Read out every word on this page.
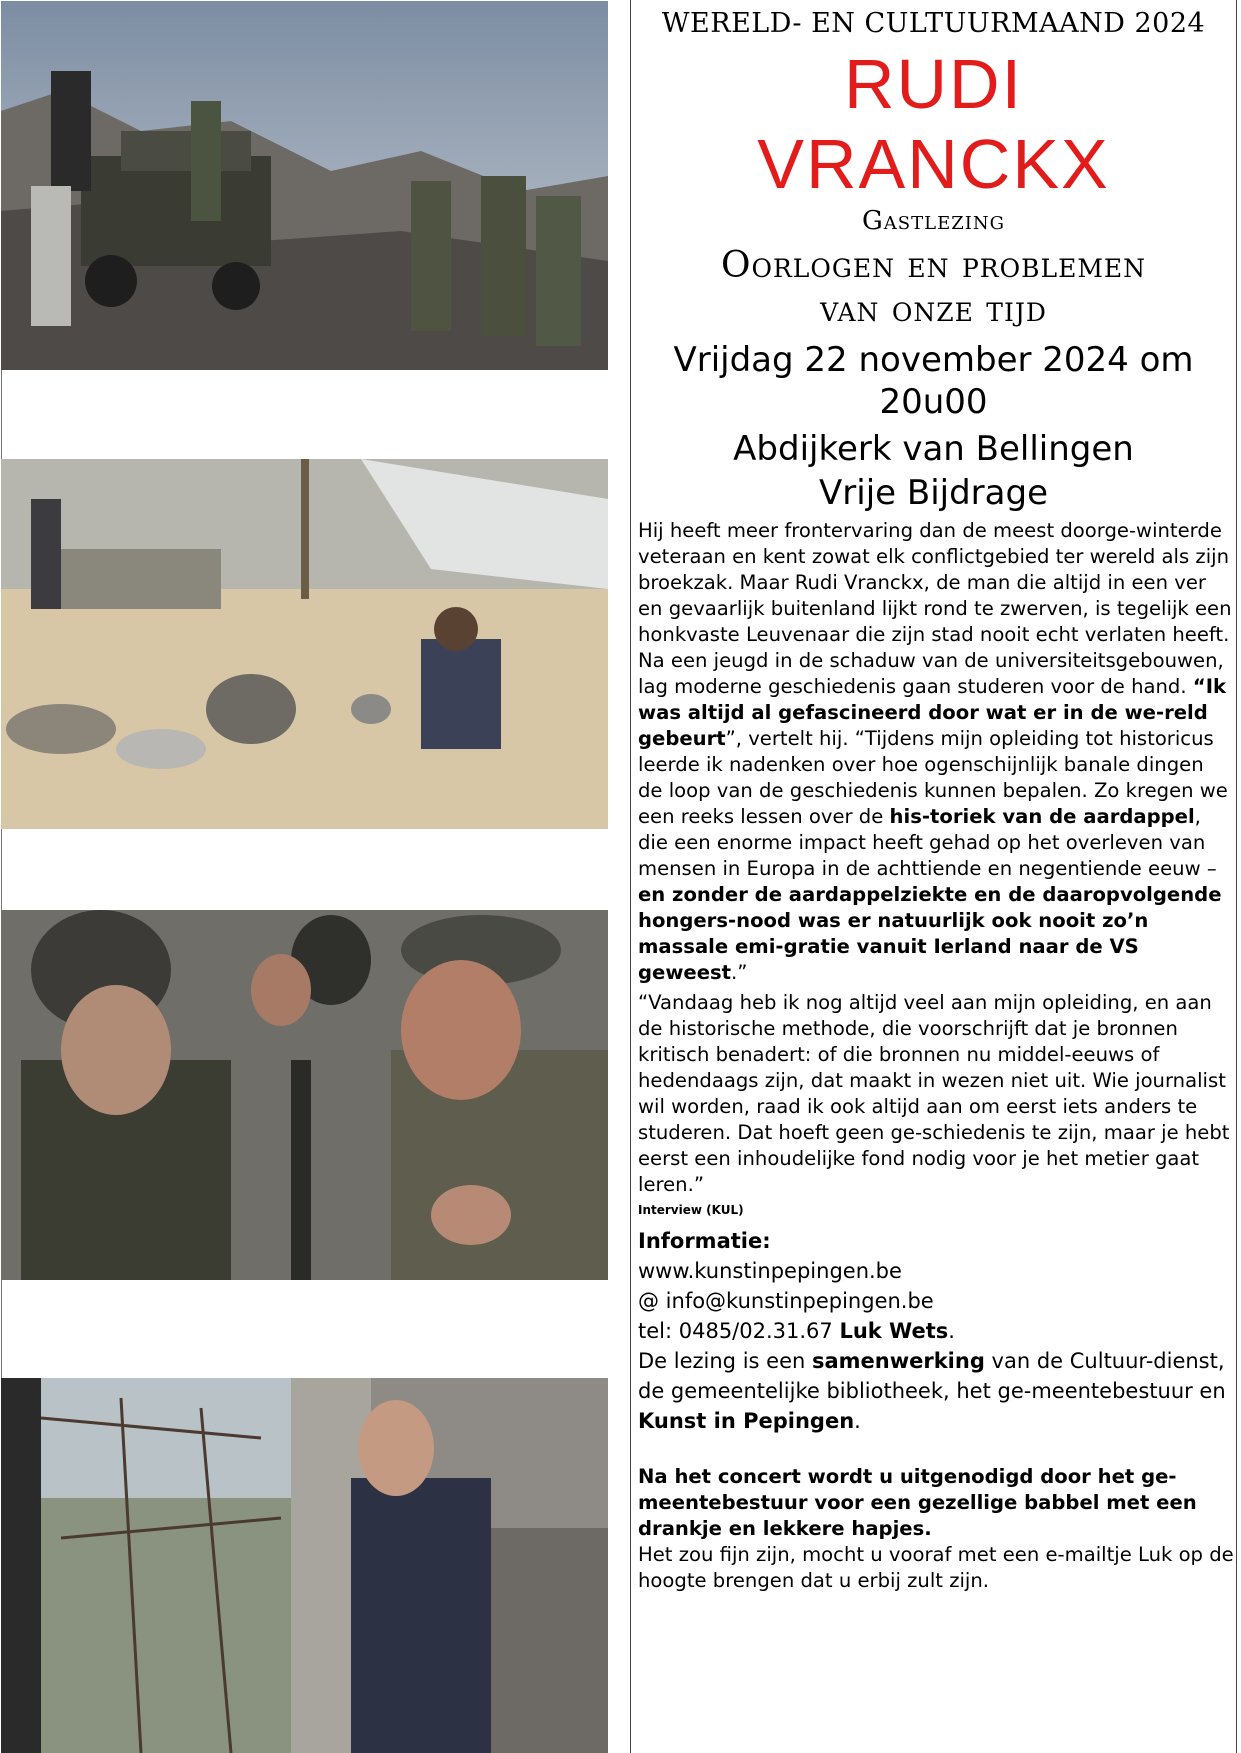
WERELD- EN CULTUURMAAND 2024
RUDI
VRANCKX
Gastlezing
Oorlogen en problemen
van onze tijd
Vrijdag 22 november 2024 om
20u00
Abdijkerk van Bellingen
Vrije Bijdrage

Hij heeft meer frontervaring dan de meest doorge-winterde veteraan en kent zowat elk conflictgebied ter wereld als zijn broekzak. Maar Rudi Vranckx, de man die altijd in een ver en gevaarlijk buitenland lijkt rond te zwerven, is tegelijk een honkvaste Leuvenaar die zijn stad nooit echt verlaten heeft. Na een jeugd in de schaduw van de universiteitsgebouwen, lag moderne geschiedenis gaan studeren voor de hand. “Ik was altijd al gefascineerd door wat er in de we-reld gebeurt”, vertelt hij. “Tijdens mijn opleiding tot historicus leerde ik nadenken over hoe ogenschijnlijk banale dingen de loop van de geschiedenis kunnen bepalen. Zo kregen we een reeks lessen over de his-toriek van de aardappel, die een enorme impact heeft gehad op het overleven van mensen in Europa in de achttiende en negentiende eeuw – en zonder de aardappelziekte en de daaropvolgende hongers-nood was er natuurlijk ook nooit zo’n massale emi-gratie vanuit Ierland naar de VS geweest.”

“Vandaag heb ik nog altijd veel aan mijn opleiding, en aan de historische methode, die voorschrijft dat je bronnen kritisch benadert: of die bronnen nu middel-eeuws of hedendaags zijn, dat maakt in wezen niet uit. Wie journalist wil worden, raad ik ook altijd aan om eerst iets anders te studeren. Dat hoeft geen ge-schiedenis te zijn, maar je hebt eerst een inhoudelijke fond nodig voor je het metier gaat leren.”

Interview (KUL)

Informatie:

www.kunstinpepingen.be

@ info@kunstinpepingen.be

tel: 0485/02.31.67 Luk Wets.

De lezing is een samenwerking van de Cultuur-dienst, de gemeentelijke bibliotheek, het ge-meentebestuur en Kunst in Pepingen.

Na het concert wordt u uitgenodigd door het ge-meentebestuur voor een gezellige babbel met een drankje en lekkere hapjes.

Het zou fijn zijn, mocht u vooraf met een e-mailtje Luk op de hoogte brengen dat u erbij zult zijn.
